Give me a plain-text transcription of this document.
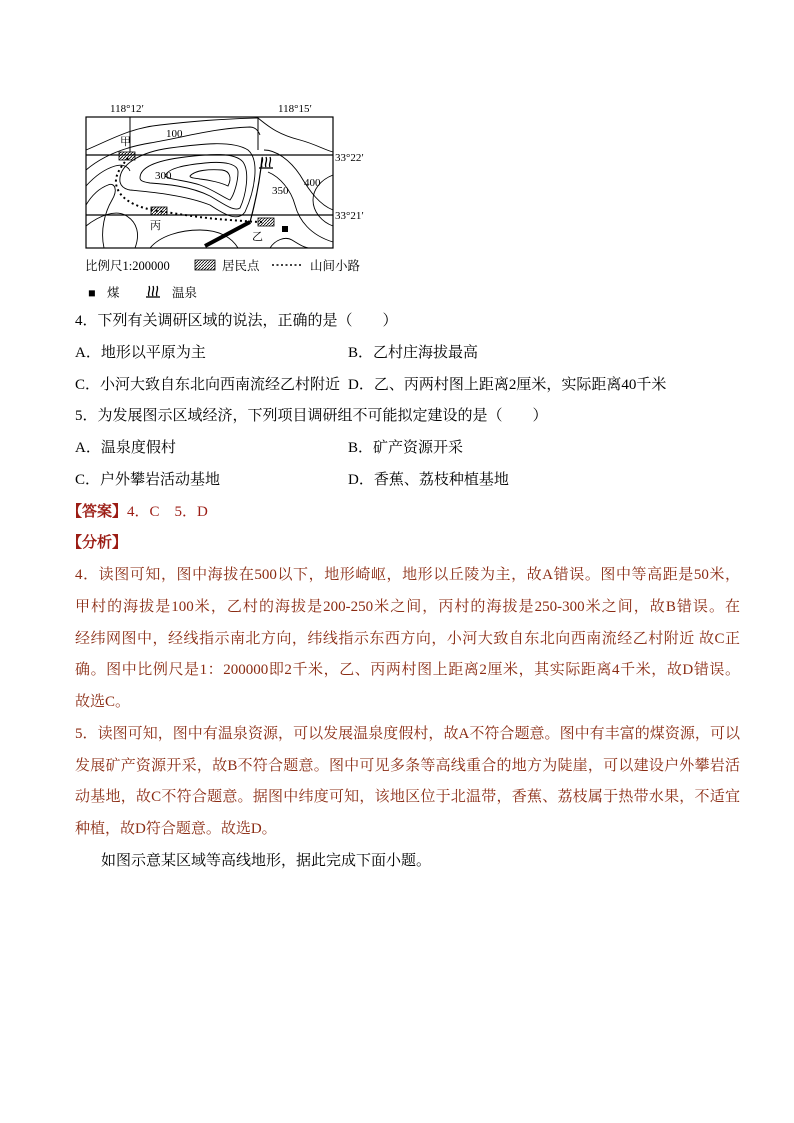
118°12′	118°15′
33°22′
33°21′
甲
丙
乙
100
300
350
400
比例尺1:200000	居民点	山间小路
■ 煤	温泉
4．下列有关调研区域的说法，正确的是（　　）
A．地形以平原为主	B．乙村庄海拔最高
C．小河大致自东北向西南流经乙村附近 D．乙、丙两村图上距离2厘米，实际距离40千米
5．为发展图示区域经济，下列项目调研组不可能拟定建设的是（　　）
A．温泉度假村	B．矿产资源开采
C．户外攀岩活动基地	D．香蕉、荔枝种植基地
【答案】4．C　5．D
【分析】
4．读图可知，图中海拔在500以下，地形崎岖，地形以丘陵为主，故A错误。图中等高距是50米，
甲村的海拔是100米，乙村的海拔是200-250米之间，丙村的海拔是250-300米之间，故B错误。在
经纬网图中，经线指示南北方向，纬线指示东西方向，小河大致自东北向西南流经乙村附近 故C正
确。图中比例尺是1：200000即2千米，乙、丙两村图上距离2厘米，其实际距离4千米，故D错误。
故选C。
5．读图可知，图中有温泉资源，可以发展温泉度假村，故A不符合题意。图中有丰富的煤资源，可以
发展矿产资源开采，故B不符合题意。图中可见多条等高线重合的地方为陡崖，可以建设户外攀岩活
动基地，故C不符合题意。据图中纬度可知，该地区位于北温带，香蕉、荔枝属于热带水果，不适宜
种植，故D符合题意。故选D。
如图示意某区域等高线地形，据此完成下面小题。
